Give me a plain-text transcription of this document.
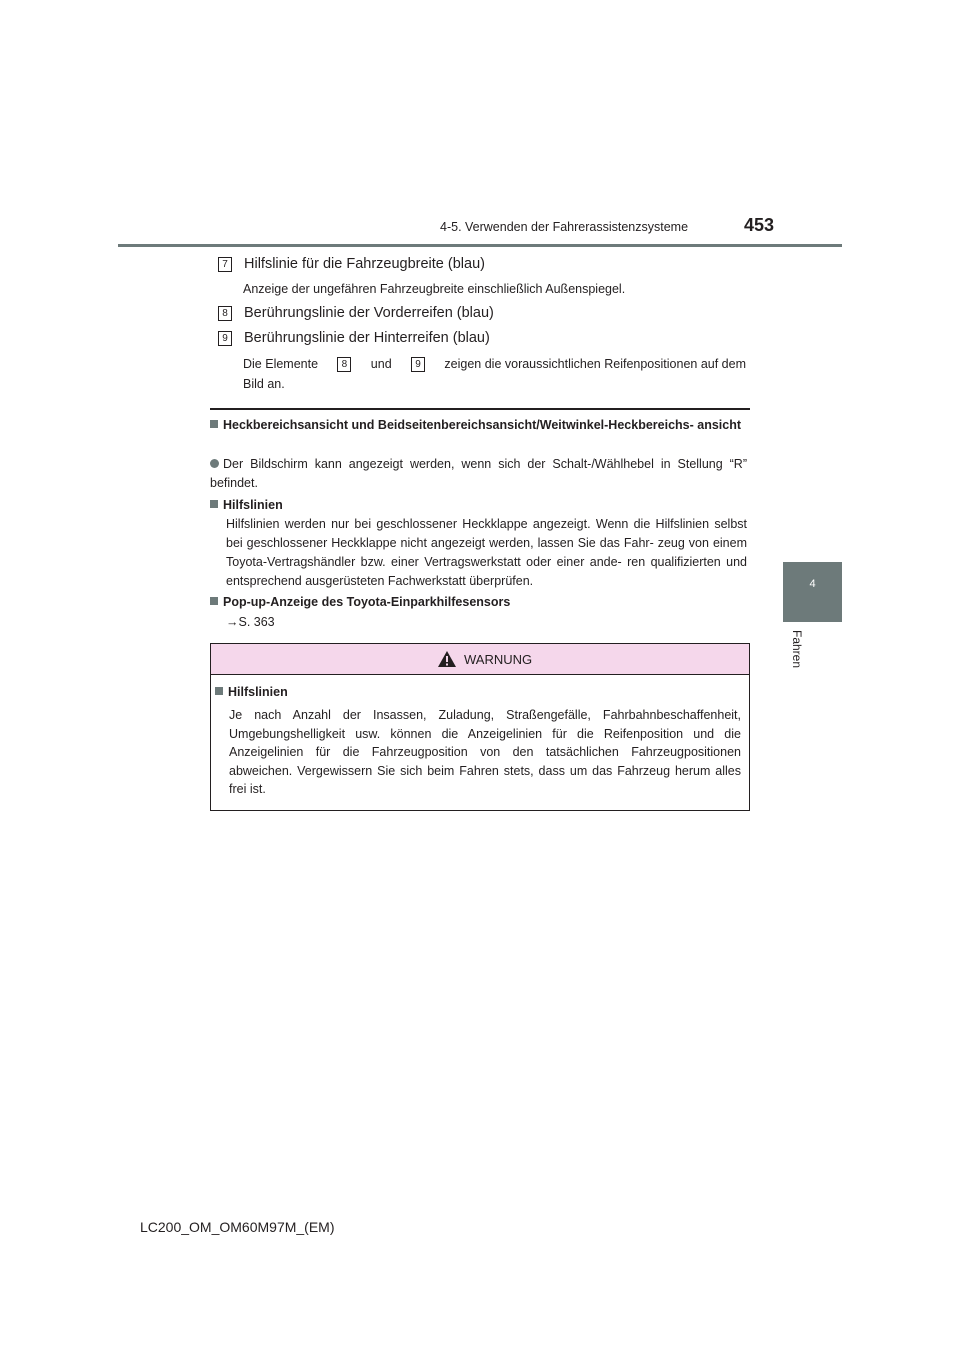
4-5. Verwenden der Fahrerassistenzsysteme	453
4
Fahren
7 Hilfslinie für die Fahrzeugbreite (blau)
Anzeige der ungefähren Fahrzeugbreite einschließlich Außenspiegel.
8 Berührungslinie der Vorderreifen (blau)
9 Berührungslinie der Hinterreifen (blau)
Die Elemente	8	und	9	zeigen die voraussichtlichen Reifenpositionen auf dem
Bild an.
Heckbereichsansicht und Beidseitenbereichsansicht/Weitwinkel-Heckbereichs- ansicht
Der Bildschirm kann angezeigt werden, wenn sich der Schalt-/Wählhebel in Stellung “R” befindet.
Hilfslinien
Hilfslinien werden nur bei geschlossener Heckklappe angezeigt. Wenn die Hilfslinien selbst bei geschlossener Heckklappe nicht angezeigt werden, lassen Sie das Fahr- zeug von einem Toyota-Vertragshändler bzw. einer Vertragswerkstatt oder einer ande- ren qualifizierten und entsprechend ausgerüsteten Fachwerkstatt überprüfen.
Pop-up-Anzeige des Toyota-Einparkhilfesensors
→S. 363
WARNUNG
Hilfslinien
Je nach Anzahl der Insassen, Zuladung, Straßengefälle, Fahrbahnbeschaffenheit, Umgebungshelligkeit usw. können die Anzeigelinien für die Reifenposition und die Anzeigelinien für die Fahrzeugposition von den tatsächlichen Fahrzeugpositionen abweichen. Vergewissern Sie sich beim Fahren stets, dass um das Fahrzeug herum alles frei ist.
LC200_OM_OM60M97M_(EM)
